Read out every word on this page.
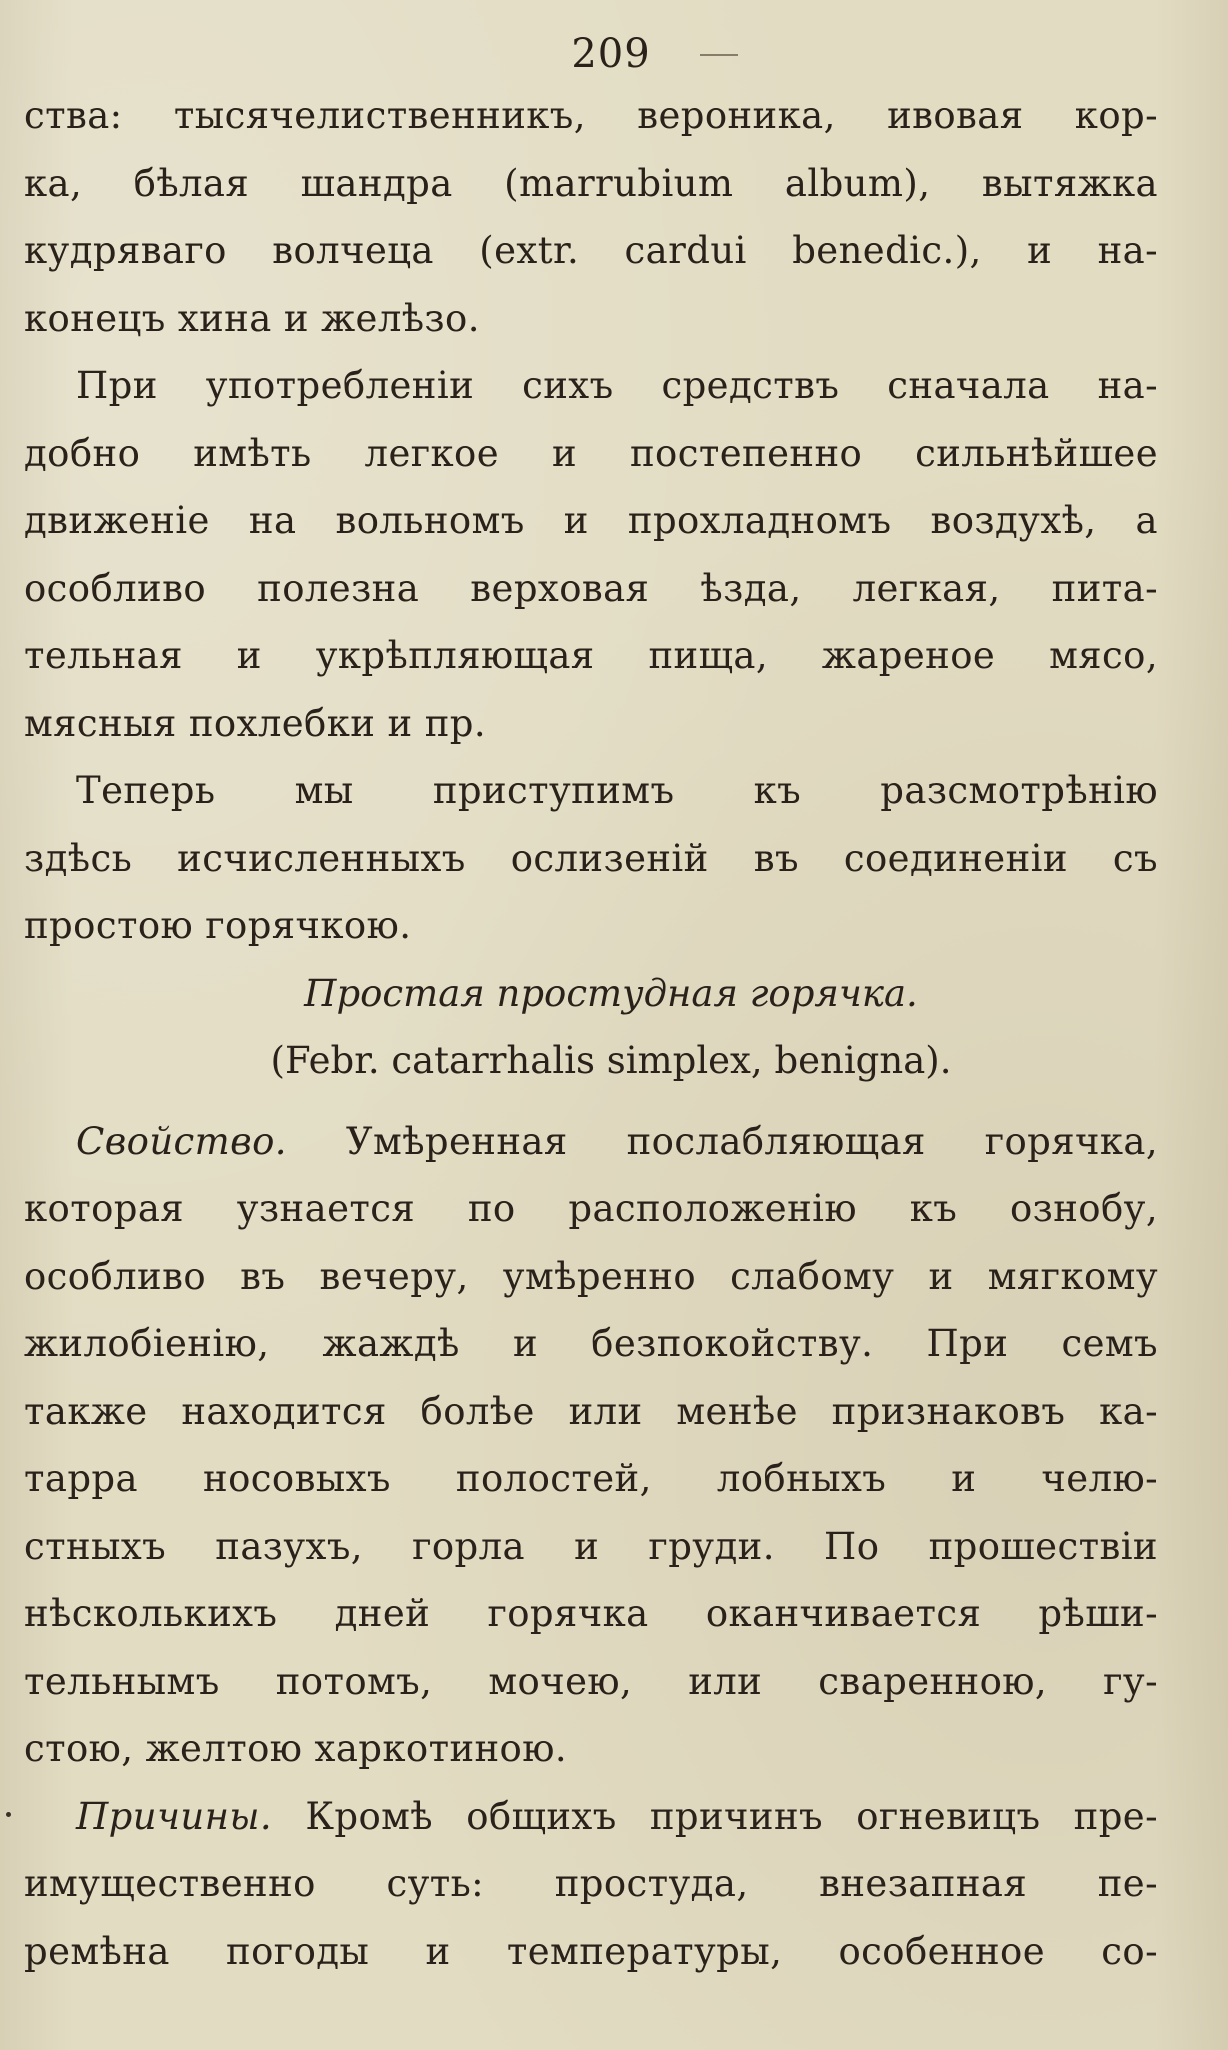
209
ства: тысячелиственникъ, вероника, ивовая кор-
ка, бѣлая шандра (marrubium album), вытяжка
кудряваго волчеца (extr. cardui benedic.), и на-
конецъ хина и желѣзо.
При употребленіи сихъ средствъ сначала на-
добно имѣть легкое и постепенно сильнѣйшее
движеніе на вольномъ и прохладномъ воздухѣ, а
особливо полезна верховая ѣзда, легкая, пита-
тельная и укрѣпляющая пища, жареное мясо,
мясныя похлебки и пр.
Теперь мы приступимъ къ разсмотрѣнію
здѣсь исчисленныхъ ослизеній въ соединеніи съ
простою горячкою.
Простая простудная горячка.
(Febr. catarrhalis simplex, benigna).
Свойство. Умѣренная послабляющая горячка,
которая узнается по расположенію къ ознобу,
особливо въ вечеру, умѣренно слабому и мягкому
жилобіенію, жаждѣ и безпокойству. При семъ
также находится болѣе или менѣе признаковъ ка-
тарра носовыхъ полостей, лобныхъ и челю-
стныхъ пазухъ, горла и груди. По прошествіи
нѣсколькихъ дней горячка оканчивается рѣши-
тельнымъ потомъ, мочею, или сваренною, гу-
стою, желтою харкотиною.
Причины. Кромѣ общихъ причинъ огневицъ пре-
имущественно суть: простуда, внезапная пе-
ремѣна погоды и температуры, особенное со-
